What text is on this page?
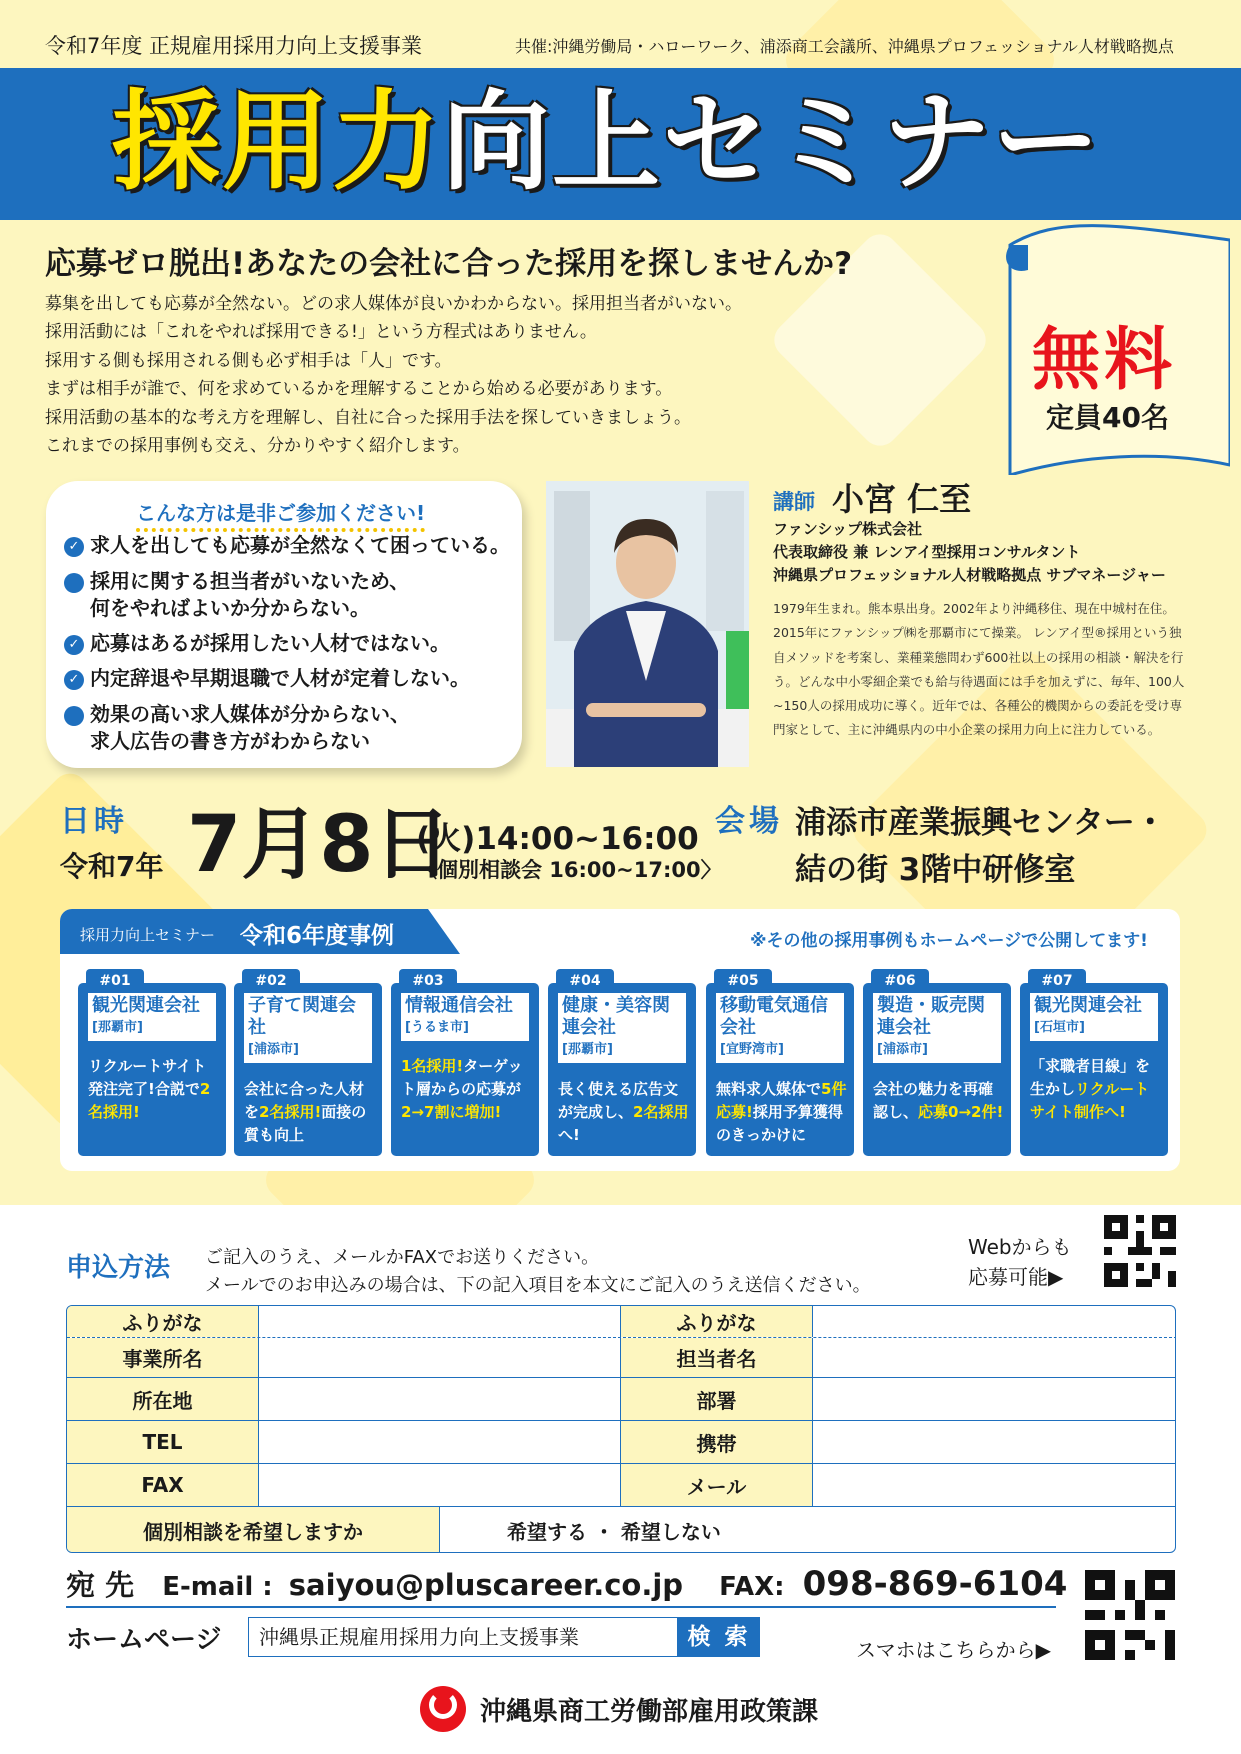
令和7年度 正規雇用採用力向上支援事業	共催:沖縄労働局・ハローワーク、浦添商工会議所、沖縄県プロフェッショナル人材戦略拠点
採用力向上セミナー
応募ゼロ脱出!あなたの会社に合った採用を探しませんか?
募集を出しても応募が全然ない。どの求人媒体が良いかわからない。採用担当者がいない。
採用活動には「これをやれば採用できる!」という方程式はありません。
採用する側も採用される側も必ず相手は「人」です。
まずは相手が誰で、何を求めているかを理解することから始める必要があります。
採用活動の基本的な考え方を理解し、自社に合った採用手法を探していきましょう。
これまでの採用事例も交え、分かりやすく紹介します。
無料
定員40名
こんな方は是非ご参加ください!
✓ 求人を出しても応募が全然なくて困っている。
✓ 採用に関する担当者がいないため、
何をやればよいか分からない。
✓ 応募はあるが採用したい人材ではない。
✓ 内定辞退や早期退職で人材が定着しない。
✓ 効果の高い求人媒体が分からない、
求人広告の書き方がわからない
講師 小宮 仁至
ファンシップ株式会社
代表取締役 兼 レンアイ型採用コンサルタント
沖縄県プロフェッショナル人材戦略拠点 サブマネージャー
1979年生まれ。熊本県出身。2002年より沖縄移住、現在中城村在住。2015年にファンシップ㈱を那覇市にて操業。 レンアイ型®採用という独自メソッドを考案し、業種業態問わず600社以上の採用の相談・解決を行う。どんな中小零細企業でも給与待遇面には手を加えずに、毎年、100人~150人の採用成功に導く。近年では、各種公的機関からの委託を受け専門家として、主に沖縄県内の中小企業の採用力向上に注力している。
日時
令和7年 7月8日
(火)14:00~16:00
〈個別相談会 16:00~17:00〉
会場 浦添市産業振興センター・
結の街 3階中研修室
採用力向上セミナー 令和6年度事例	※その他の採用事例もホームページで公開してます!
#01
観光関連会社
[那覇市]
リクルートサイト発注完了!合説で2名採用!
#02
子育て関連会社
[浦添市]
会社に合った人材を2名採用!面接の質も向上
#03
情報通信会社
[うるま市]
1名採用!ターゲット層からの応募が2→7割に増加!
#04
健康・美容関連会社
[那覇市]
長く使える広告文が完成し、2名採用へ!
#05
移動電気通信会社
[宜野湾市]
無料求人媒体で5件応募!採用予算獲得のきっかけに
#06
製造・販売関連会社
[浦添市]
会社の魅力を再確認し、応募0→2件!
#07
観光関連会社
[石垣市]
「求職者目線」を生かしリクルートサイト制作へ!
申込方法 ご記入のうえ、メールかFAXでお送りください。
メールでのお申込みの場合は、下の記入項目を本文にご記入のうえ送信ください。
Webからも
応募可能▶
ふりがな	ふりがな
事業所名	担当者名
所在地	部署
TEL	携帯
FAX	メール
個別相談を希望しますか	希望する ・ 希望しない
宛 先 E-mail : saiyou@pluscareer.co.jp FAX: 098-869-6104
ホームページ	沖縄県正規雇用採用力向上支援事業	検 索	スマホはこちらから▶
沖縄県商工労働部雇用政策課
